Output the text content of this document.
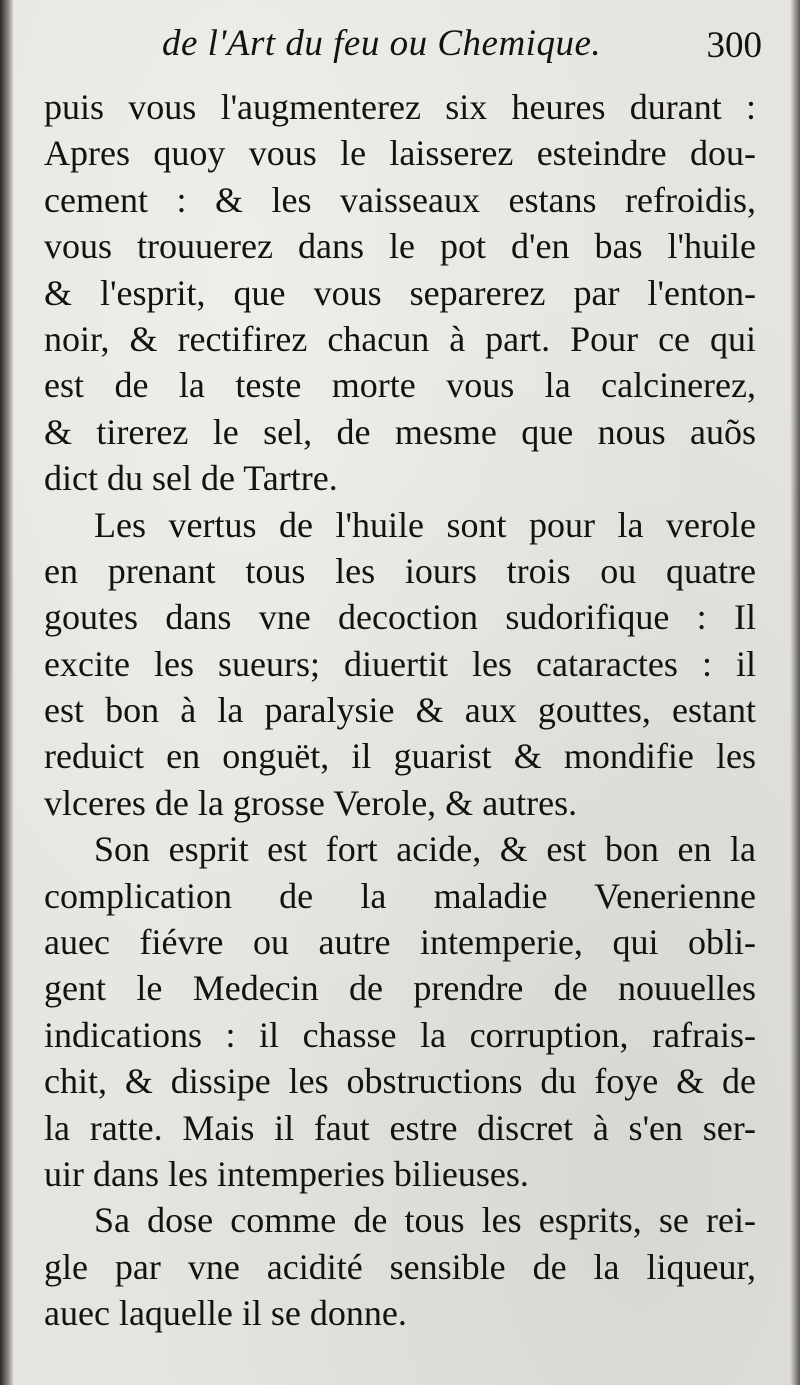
de l'Art du feu ou Chemique.	300
puis vous l'augmenterez six heures durant :
Apres quoy vous le laisserez esteindre dou-
cement : & les vaisseaux estans refroidis,
vous trouuerez dans le pot d'en bas l'huile
& l'esprit, que vous separerez par l'enton-
noir, & rectifirez chacun à part. Pour ce qui
est de la teste morte vous la calcinerez,
& tirerez le sel, de mesme que nous auõs
dict du sel de Tartre.
Les vertus de l'huile sont pour la verole
en prenant tous les iours trois ou quatre
goutes dans vne decoction sudorifique : Il
excite les sueurs; diuertit les cataractes : il
est bon à la paralysie & aux gouttes, estant
reduict en onguët, il guarist & mondifie les
vlceres de la grosse Verole, & autres.
Son esprit est fort acide, & est bon en la
complication de la maladie Venerienne
auec fiévre ou autre intemperie, qui obli-
gent le Medecin de prendre de nouuelles
indications : il chasse la corruption, rafrais-
chit, & dissipe les obstructions du foye & de
la ratte. Mais il faut estre discret à s'en ser-
uir dans les intemperies bilieuses.
Sa dose comme de tous les esprits, se rei-
gle par vne acidité sensible de la liqueur,
auec laquelle il se donne.
